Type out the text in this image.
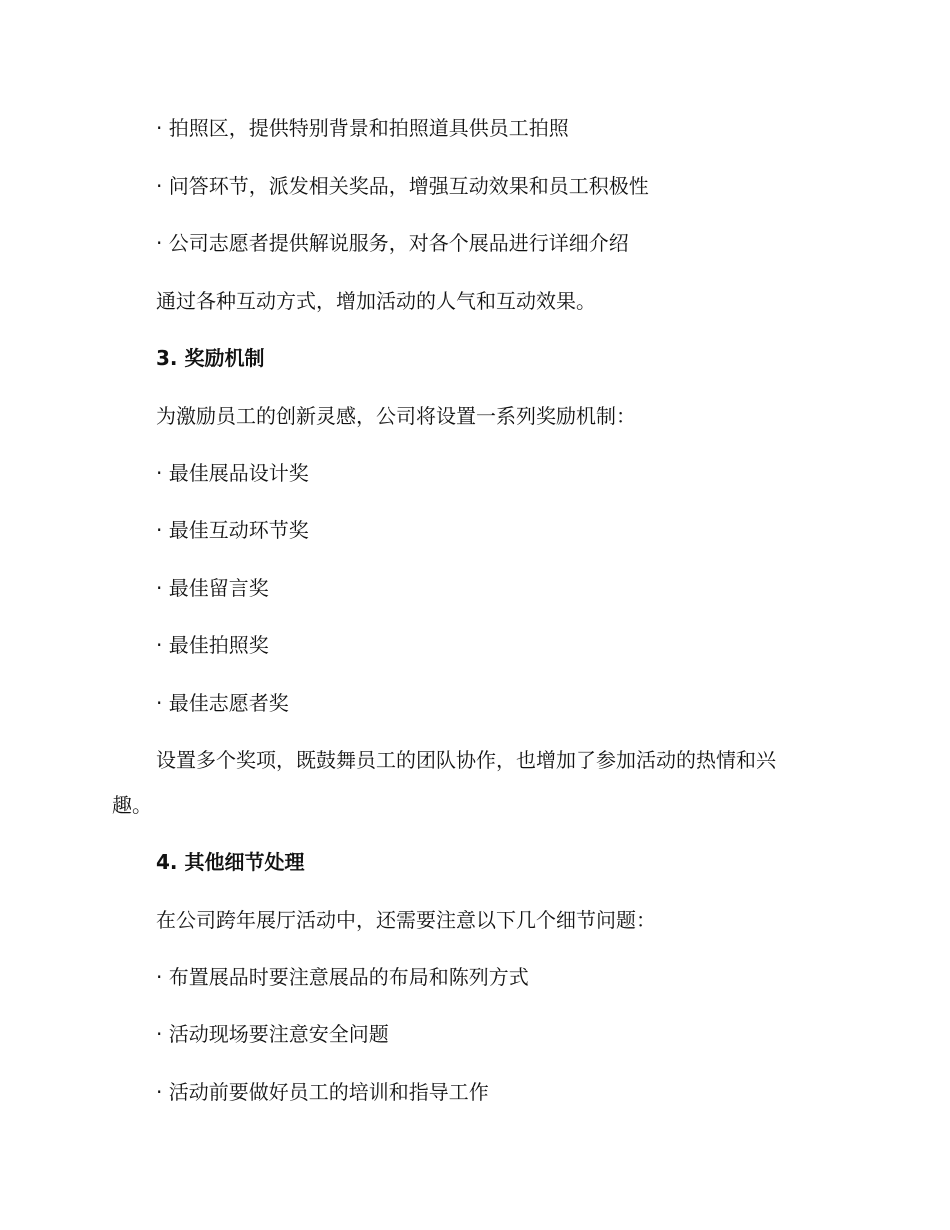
· 拍照区，提供特别背景和拍照道具供员工拍照
· 问答环节，派发相关奖品，增强互动效果和员工积极性
· 公司志愿者提供解说服务，对各个展品进行详细介绍
通过各种互动方式，增加活动的人气和互动效果。
3. 奖励机制
为激励员工的创新灵感，公司将设置一系列奖励机制：
· 最佳展品设计奖
· 最佳互动环节奖
· 最佳留言奖
· 最佳拍照奖
· 最佳志愿者奖
设置多个奖项，既鼓舞员工的团队协作，也增加了参加活动的热情和兴
趣。
4. 其他细节处理
在公司跨年展厅活动中，还需要注意以下几个细节问题：
· 布置展品时要注意展品的布局和陈列方式
· 活动现场要注意安全问题
· 活动前要做好员工的培训和指导工作
